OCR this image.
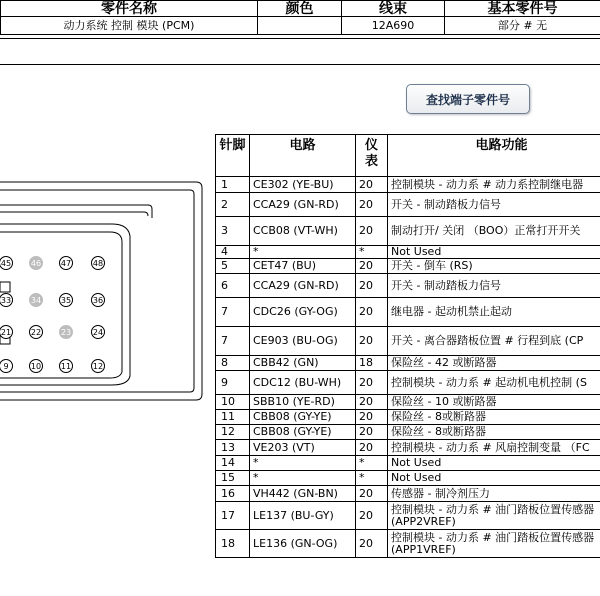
零件名称	颜色	线束	基本零件号
动力系统 控制 模块 (PCM)		12A690	部分 # 无
查找端子零件号
45 46 47	48
33 34 35	36
21 22 23	24
9	10 11	12
针脚	电路	仪表	电路功能
1	CE302 (YE-BU)	20	控制模块 - 动力系 # 动力系控制继电器
2	CCA29 (GN-RD)	20	开关 - 制动踏板力信号
3	CCB08 (VT-WH)	20	制动打开/ 关闭 （BOO）正常打开开关
4	*	*	Not Used
5	CET47 (BU)	20	开关 - 倒车 (RS)
6	CCA29 (GN-RD)	20	开关 - 制动踏板力信号
7	CDC26 (GY-OG)	20	继电器 - 起动机禁止起动
7	CE903 (BU-OG)	20	开关 - 离合器踏板位置 # 行程到底 (CP
8	CBB42 (GN)	18	保险丝 - 42 或断路器
9	CDC12 (BU-WH)	20	控制模块 - 动力系 # 起动机电机控制 (S
10	SBB10 (YE-RD)	20	保险丝 - 10 或断路器
11	CBB08 (GY-YE)	20	保险丝 - 8或断路器
12	CBB08 (GY-YE)	20	保险丝 - 8或断路器
13	VE203 (VT)	20	控制模块 - 动力系 # 风扇控制变量 （FC
14	*	*	Not Used
15	*	*	Not Used
16	VH442 (GN-BN)	20	传感器 - 制冷剂压力
17	LE137 (BU-GY)	20	控制模块 - 动力系 # 油门踏板位置传感器 (APP2VREF)
18	LE136 (GN-OG)	20	控制模块 - 动力系 # 油门踏板位置传感器 (APP1VREF)
